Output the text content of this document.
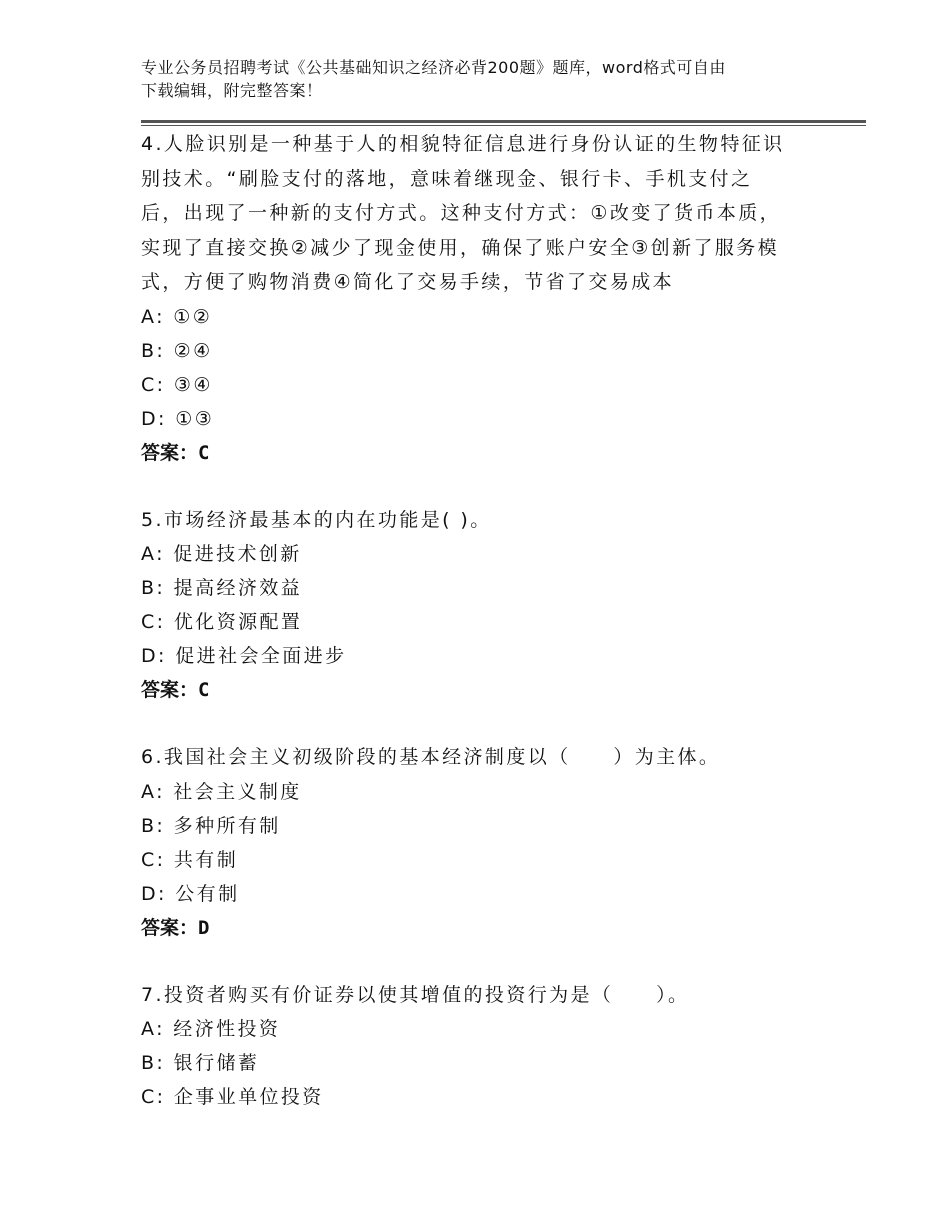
专业公务员招聘考试《公共基础知识之经济必背200题》题库，word格式可自由
下载编辑，附完整答案！
4.人脸识别是一种基于人的相貌特征信息进行身份认证的生物特征识
别技术。“刷脸支付的落地，意味着继现金、银行卡、手机支付之
后，出现了一种新的支付方式。这种支付方式：①改变了货币本质，
实现了直接交换②减少了现金使用，确保了账户安全③创新了服务模
式，方便了购物消费④简化了交易手续，节省了交易成本
A: ①②
B: ②④
C: ③④
D: ①③
答案：C
5.市场经济最基本的内在功能是( )。
A: 促进技术创新
B: 提高经济效益
C: 优化资源配置
D: 促进社会全面进步
答案：C
6.我国社会主义初级阶段的基本经济制度以（　　）为主体。
A: 社会主义制度
B: 多种所有制
C: 共有制
D: 公有制
答案：D
7.投资者购买有价证券以使其增值的投资行为是（　　）。
A: 经济性投资
B: 银行储蓄
C: 企事业单位投资
